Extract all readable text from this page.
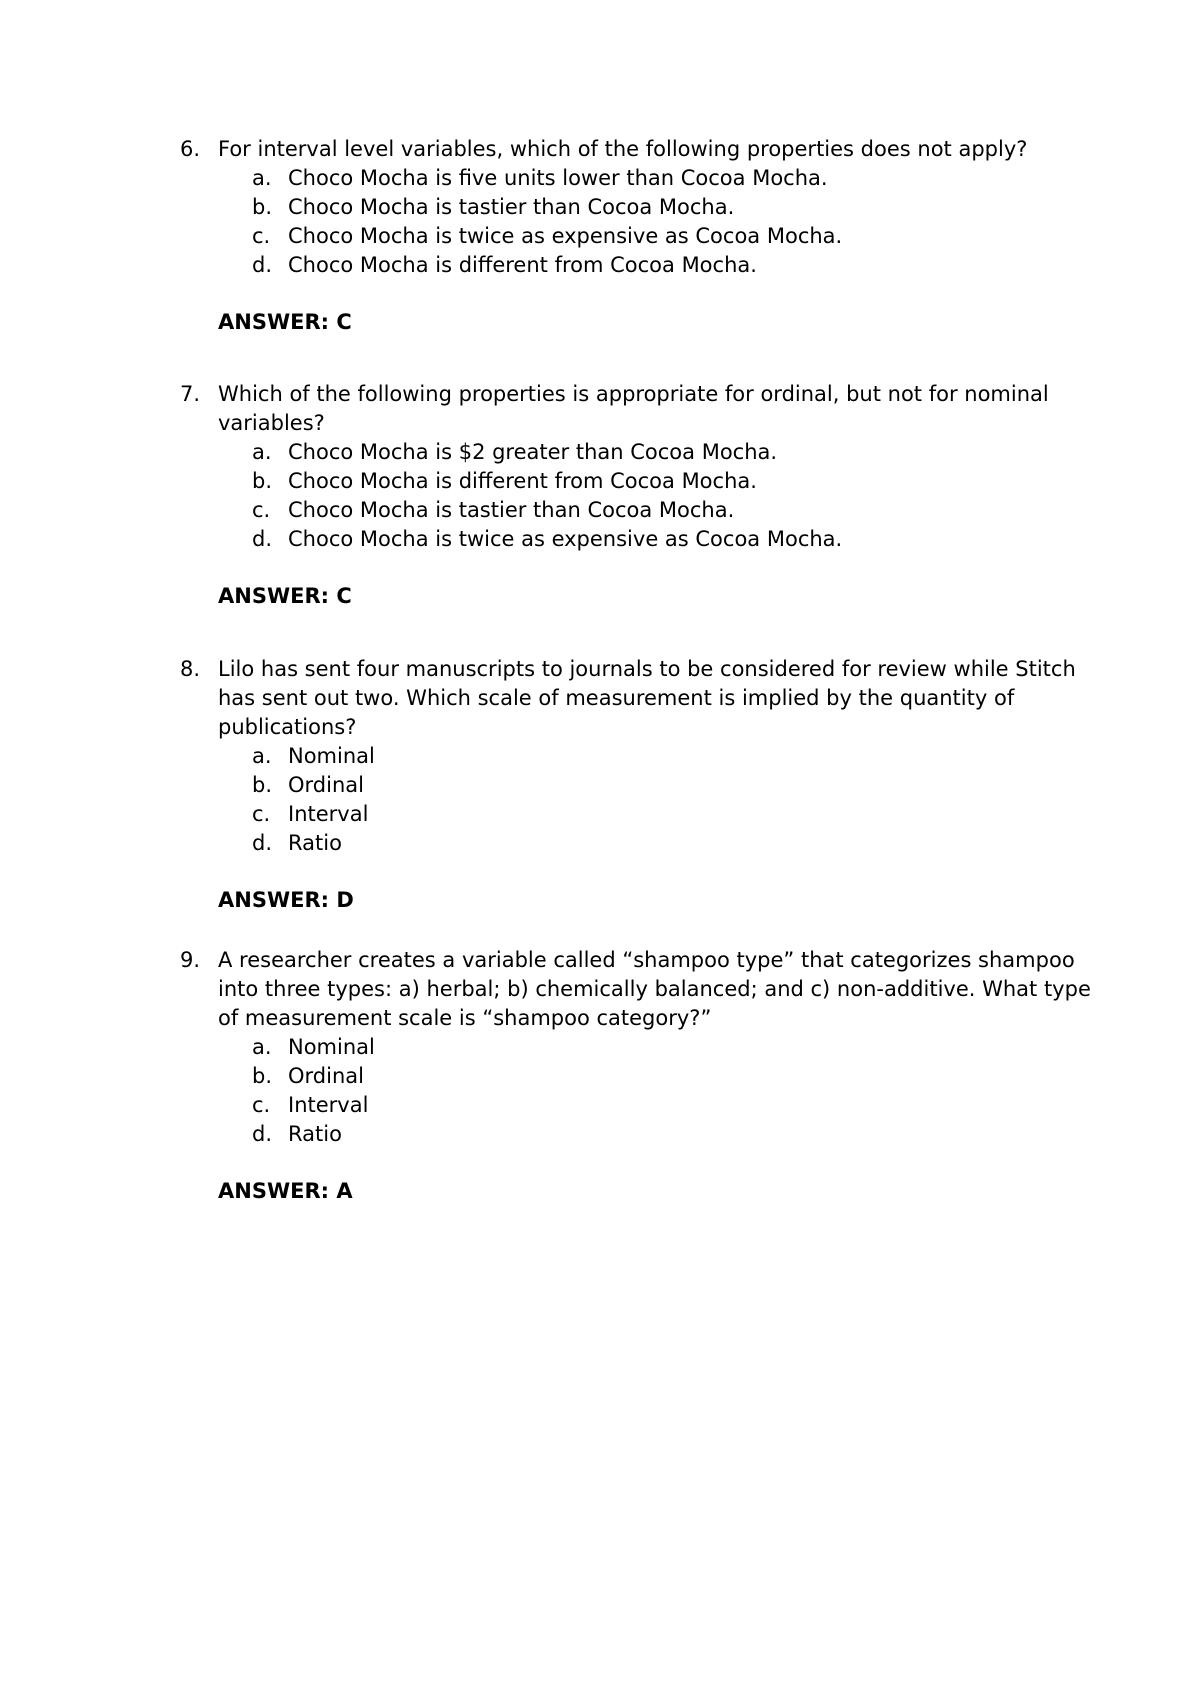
6. For interval level variables, which of the following properties does not apply?
a. Choco Mocha is five units lower than Cocoa Mocha.
b. Choco Mocha is tastier than Cocoa Mocha.
c. Choco Mocha is twice as expensive as Cocoa Mocha.
d. Choco Mocha is different from Cocoa Mocha.
ANSWER: C
7. Which of the following properties is appropriate for ordinal, but not for nominal variables?
a. Choco Mocha is $2 greater than Cocoa Mocha.
b. Choco Mocha is different from Cocoa Mocha.
c. Choco Mocha is tastier than Cocoa Mocha.
d. Choco Mocha is twice as expensive as Cocoa Mocha.
ANSWER: C
8. Lilo has sent four manuscripts to journals to be considered for review while Stitch has sent out two. Which scale of measurement is implied by the quantity of publications?
a. Nominal
b. Ordinal
c. Interval
d. Ratio
ANSWER: D
9. A researcher creates a variable called “shampoo type” that categorizes shampoo into three types: a) herbal; b) chemically balanced; and c) non-additive. What type of measurement scale is “shampoo category?”
a. Nominal
b. Ordinal
c. Interval
d. Ratio
ANSWER: A
